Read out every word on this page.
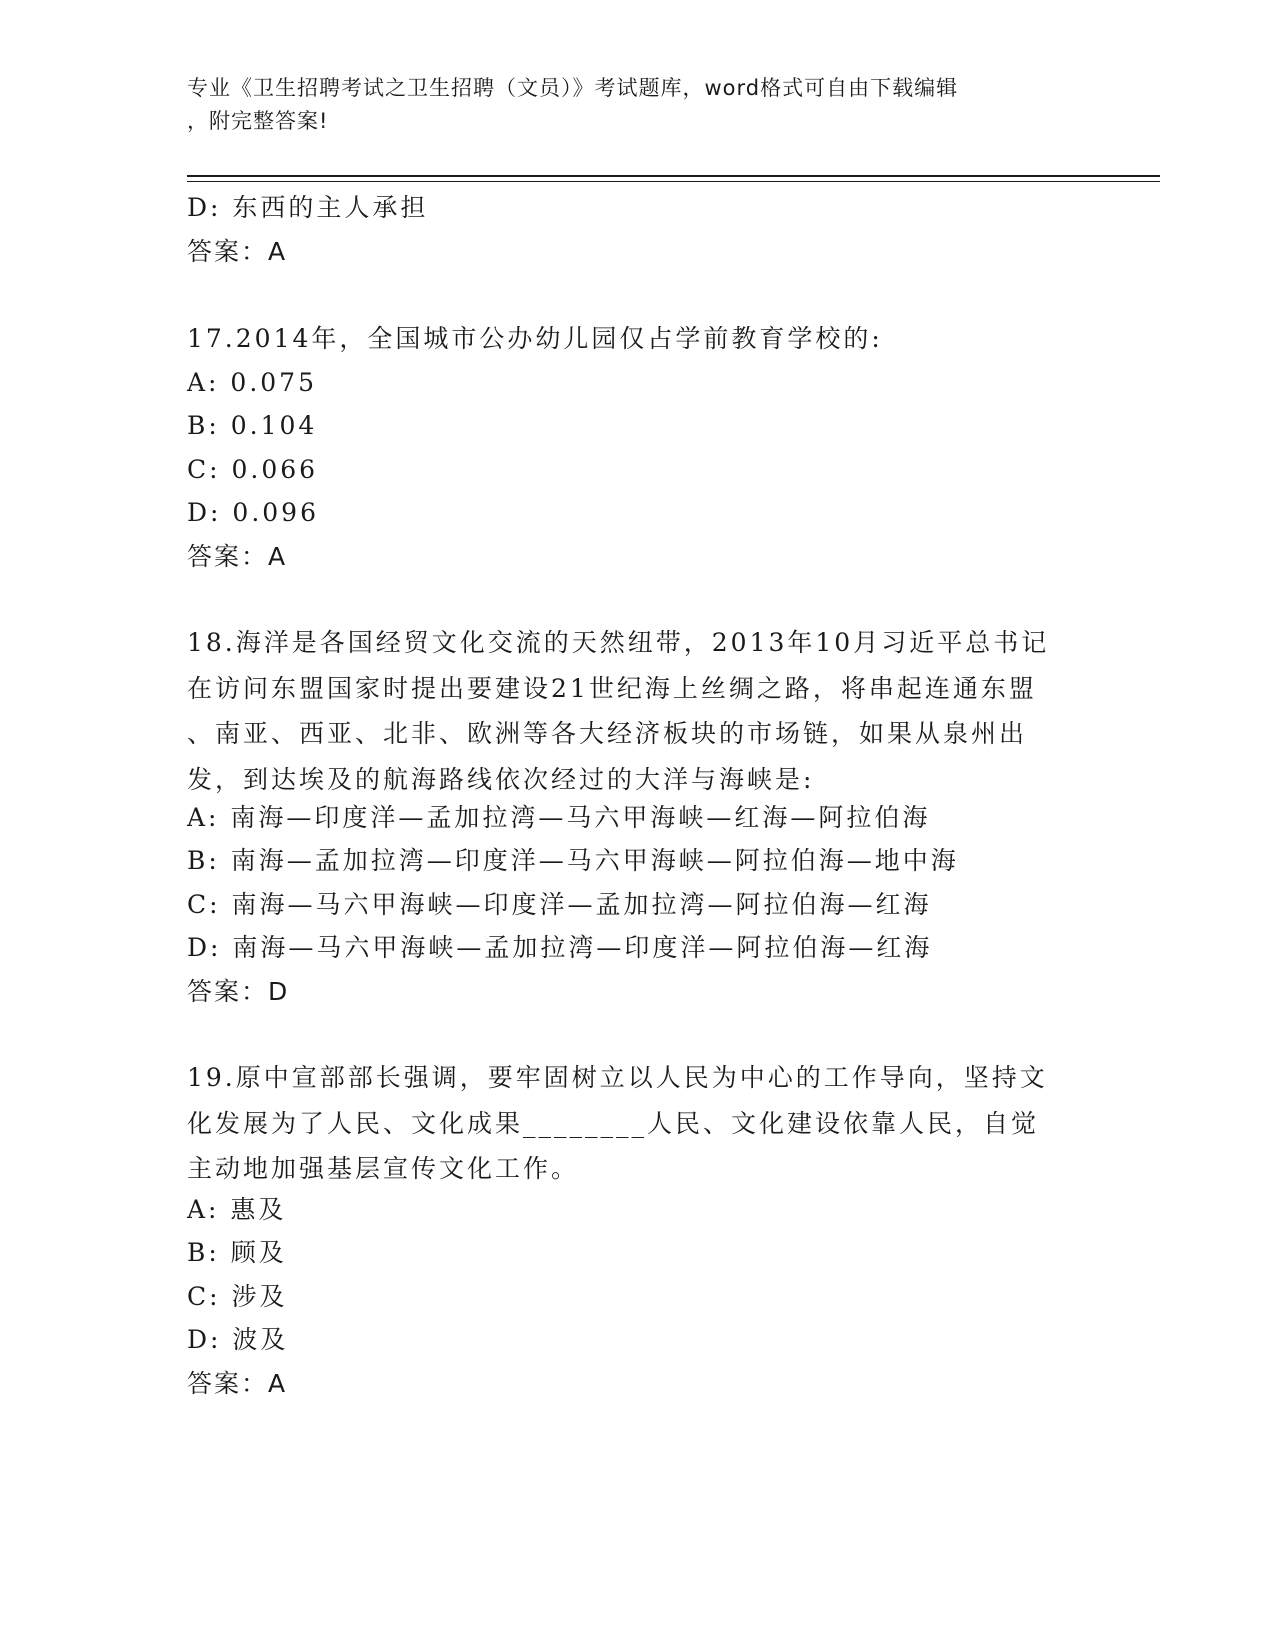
专业《卫生招聘考试之卫生招聘（文员）》考试题库，word格式可自由下载编辑
，附完整答案!
D: 东西的主人承担
答案：A
17.2014年，全国城市公办幼儿园仅占学前教育学校的:
A: 0.075
B: 0.104
C: 0.066
D: 0.096
答案：A
18.海洋是各国经贸文化交流的天然纽带，2013年10月习近平总书记
在访问东盟国家时提出要建设21世纪海上丝绸之路，将串起连通东盟
、南亚、西亚、北非、欧洲等各大经济板块的市场链，如果从泉州出
发，到达埃及的航海路线依次经过的大洋与海峡是:
A: 南海—印度洋—孟加拉湾—马六甲海峡—红海—阿拉伯海
B: 南海—孟加拉湾—印度洋—马六甲海峡—阿拉伯海—地中海
C: 南海—马六甲海峡—印度洋—孟加拉湾—阿拉伯海—红海
D: 南海—马六甲海峡—孟加拉湾—印度洋—阿拉伯海—红海
答案：D
19.原中宣部部长强调，要牢固树立以人民为中心的工作导向，坚持文
化发展为了人民、文化成果________人民、文化建设依靠人民，自觉
主动地加强基层宣传文化工作。
A: 惠及
B: 顾及
C: 涉及
D: 波及
答案：A
